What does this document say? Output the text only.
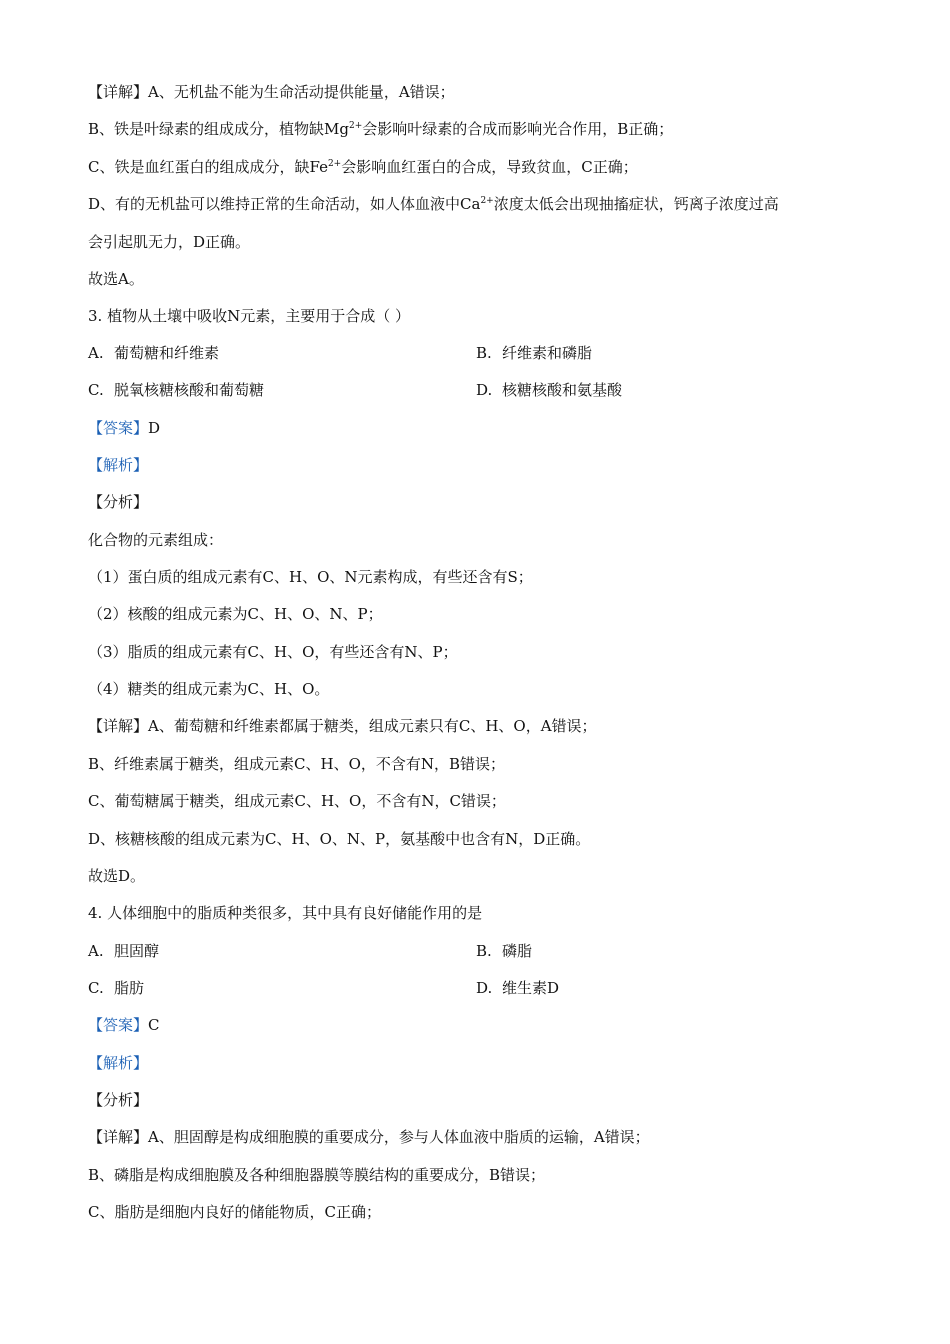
【详解】A、无机盐不能为生命活动提供能量，A错误；
B、铁是叶绿素的组成成分，植物缺$Mg^{2+}$会影响叶绿素的合成而影响光合作用，B正确；
C、铁是血红蛋白的组成成分，缺$Fe^{2+}$会影响血红蛋白的合成，导致贫血，C正确；
D、有的无机盐可以维持正常的生命活动，如人体血液中$Ca^{2+}$浓度太低会出现抽搐症状，钙离子浓度过高
会引起肌无力，D正确。
故选A。
3. 植物从土壤中吸收N元素，主要用于合成（ ）
A. 葡萄糖和纤维素	B. 纤维素和磷脂
C. 脱氧核糖核酸和葡萄糖	D. 核糖核酸和氨基酸
【答案】D
【解析】
【分析】
化合物的元素组成：
（1）蛋白质的组成元素有C、H、O、N元素构成，有些还含有S；
（2）核酸的组成元素为C、H、O、N、P；
（3）脂质的组成元素有C、H、O，有些还含有N、P；
（4）糖类的组成元素为C、H、O。
【详解】A、葡萄糖和纤维素都属于糖类，组成元素只有C、H、O，A错误；
B、纤维素属于糖类，组成元素C、H、O，不含有N，B错误；
C、葡萄糖属于糖类，组成元素C、H、O，不含有N，C错误；
D、核糖核酸的组成元素为C、H、O、N、P，氨基酸中也含有N，D正确。
故选D。
4. 人体细胞中的脂质种类很多，其中具有良好储能作用的是
A. 胆固醇	B. 磷脂
C. 脂肪	D. 维生素D
【答案】C
【解析】
【分析】
【详解】A、胆固醇是构成细胞膜的重要成分，参与人体血液中脂质的运输，A错误；
B、磷脂是构成细胞膜及各种细胞器膜等膜结构的重要成分，B错误；
C、脂肪是细胞内良好的储能物质，C正确；
